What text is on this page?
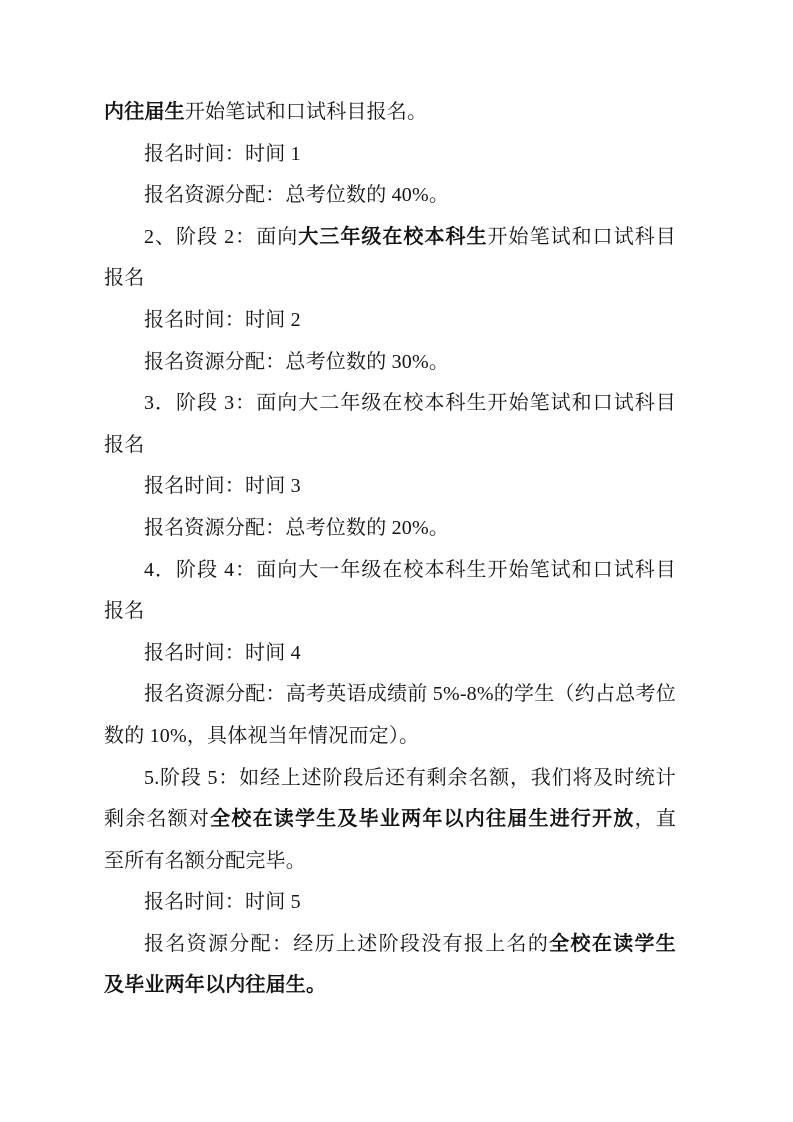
内往届生开始笔试和口试科目报名。
报名时间：时间 1
报名资源分配：总考位数的 40%。
2、阶段 2：面向大三年级在校本科生开始笔试和口试科目
报名
报名时间：时间 2
报名资源分配：总考位数的 30%。
3．阶段 3：面向大二年级在校本科生开始笔试和口试科目
报名
报名时间：时间 3
报名资源分配：总考位数的 20%。
4．阶段 4：面向大一年级在校本科生开始笔试和口试科目
报名
报名时间：时间 4
报名资源分配：高考英语成绩前 5%-8%的学生（约占总考位
数的 10%，具体视当年情况而定）。
5.阶段 5：如经上述阶段后还有剩余名额，我们将及时统计
剩余名额对全校在读学生及毕业两年以内往届生进行开放，直
至所有名额分配完毕。
报名时间：时间 5
报名资源分配：经历上述阶段没有报上名的全校在读学生
及毕业两年以内往届生。
